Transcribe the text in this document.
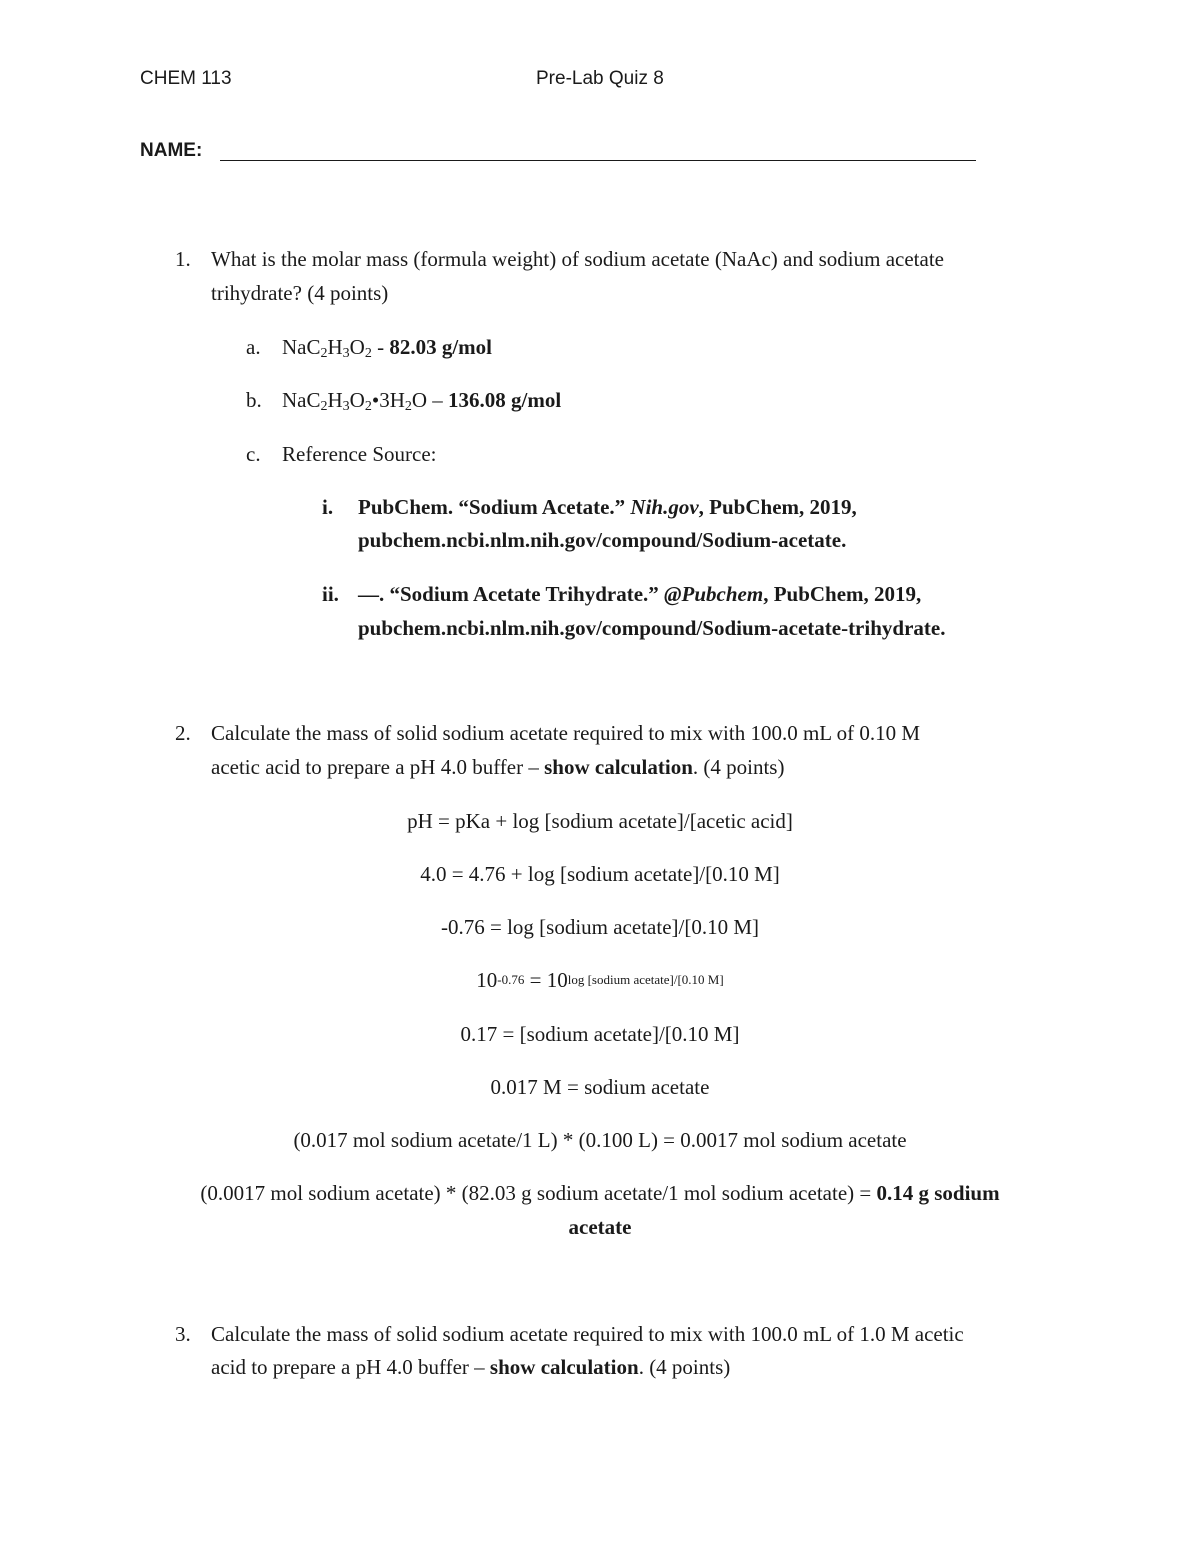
CHEM 113	Pre-Lab Quiz 8
NAME:
1. What is the molar mass (formula weight) of sodium acetate (NaAc) and sodium acetate
trihydrate? (4 points)
a. $NaC_2H_3O_2 - 82.03$ g/mol
b. $NaC_2H_3O_2•3H_2O - 136.08$ g/mol
c. Reference Source:
i. PubChem. “Sodium Acetate.” Nih.gov, PubChem, 2019,
pubchem.ncbi.nlm.nih.gov/compound/Sodium-acetate.
ii. ––. “Sodium Acetate Trihydrate.” @Pubchem, PubChem, 2019,
pubchem.ncbi.nlm.nih.gov/compound/Sodium-acetate-trihydrate.
2. Calculate the mass of solid sodium acetate required to mix with 100.0 mL of 0.10 M
acetic acid to prepare a pH 4.0 buffer – show calculation. (4 points)
pH = pKa + log [sodium acetate]/[acetic acid]
4.0 = 4.76 + log [sodium acetate]/[0.10 M]
-0.76 = log [sodium acetate]/[0.10 M]
10-0.76 = 10log [sodium acetate]/[0.10 M]
0.17 = [sodium acetate]/[0.10 M]
0.017 M = sodium acetate
(0.017 mol sodium acetate/1 L) * (0.100 L) = 0.0017 mol sodium acetate
(0.0017 mol sodium acetate) * (82.03 g sodium acetate/1 mol sodium acetate) = 0.14 g sodium
acetate
3. Calculate the mass of solid sodium acetate required to mix with 100.0 mL of 1.0 M acetic
acid to prepare a pH 4.0 buffer – show calculation. (4 points)
